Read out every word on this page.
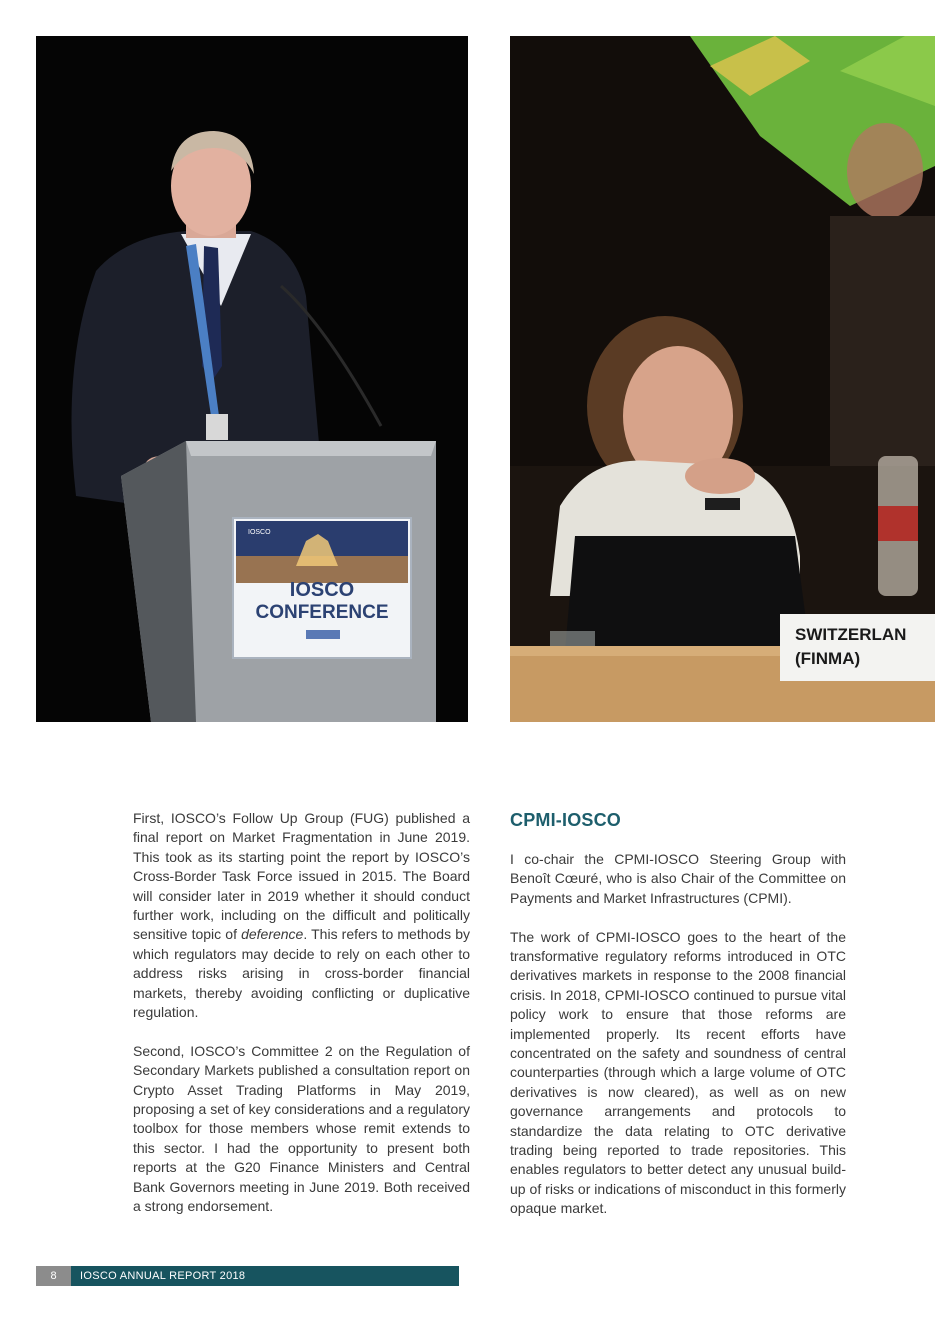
IOSCO
CONFERENCE
IOSCO
SWITZERLAN
(FINMA)

First, IOSCO’s Follow Up Group (FUG) published a final report on Market Fragmentation in June 2019. This took as its starting point the report by IOSCO’s Cross-Border Task Force issued in 2015. The Board will consider later in 2019 whether it should conduct further work, including on the difficult and politically sensitive topic of deference. This refers to methods by which regulators may decide to rely on each other to address risks arising in cross-border financial markets, thereby avoiding conflicting or duplicative regulation.

Second, IOSCO’s Committee 2 on the Regulation of Secondary Markets published a consultation report on Crypto Asset Trading Platforms in May 2019, proposing a set of key considerations and a regulatory toolbox for those members whose remit extends to this sector. I had the opportunity to present both reports at the G20 Finance Ministers and Central Bank Governors meeting in June 2019. Both received a strong endorsement.

CPMI-IOSCO

I co-chair the CPMI-IOSCO Steering Group with Benoît Cœuré, who is also Chair of the Committee on Payments and Market Infrastructures (CPMI).

The work of CPMI-IOSCO goes to the heart of the transformative regulatory reforms introduced in OTC derivatives markets in response to the 2008 financial crisis. In 2018, CPMI-IOSCO continued to pursue vital policy work to ensure that those reforms are implemented properly. Its recent efforts have concentrated on the safety and soundness of central counterparties (through which a large volume of OTC derivatives is now cleared), as well as on new governance arrangements and protocols to standardize the data relating to OTC derivative trading being reported to trade repositories. This enables regulators to better detect any unusual build-up of risks or indications of misconduct in this formerly opaque market.

8	IOSCO ANNUAL REPORT 2018
